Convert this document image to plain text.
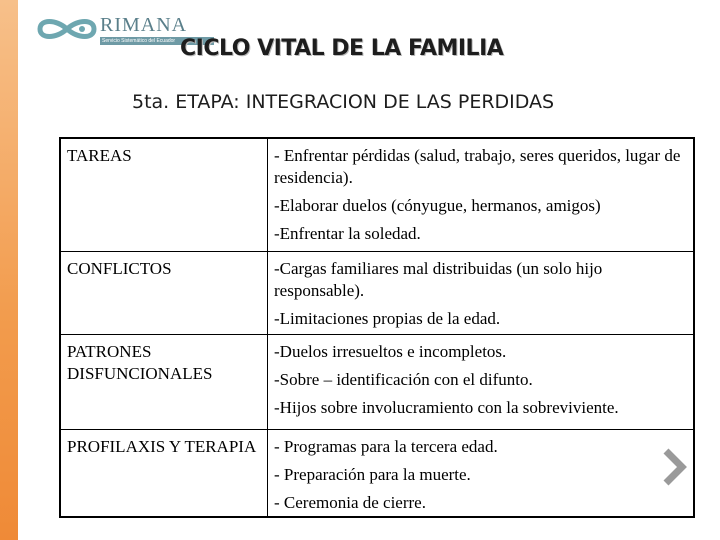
RIMANA
Servicio Sistemático del Ecuador CICLO VITAL DE LA FAMILIA
5ta. ETAPA: INTEGRACION DE LAS PERDIDAS
TAREAS	- Enfrentar pérdidas (salud, trabajo, seres queridos, lugar de residencia).
-Elaborar duelos (cónyugue, hermanos, amigos)
-Enfrentar la soledad.

CONFLICTOS	-Cargas familiares mal distribuidas (un solo hijo responsable).
-Limitaciones propias de la edad.

PATRONES DISFUNCIONALES	-Duelos irresueltos e incompletos.
-Sobre – identificación con el difunto.
-Hijos sobre involucramiento con la sobreviviente.

PROFILAXIS Y TERAPIA	- Programas para la tercera edad.
- Preparación para la muerte.
- Ceremonia de cierre.
